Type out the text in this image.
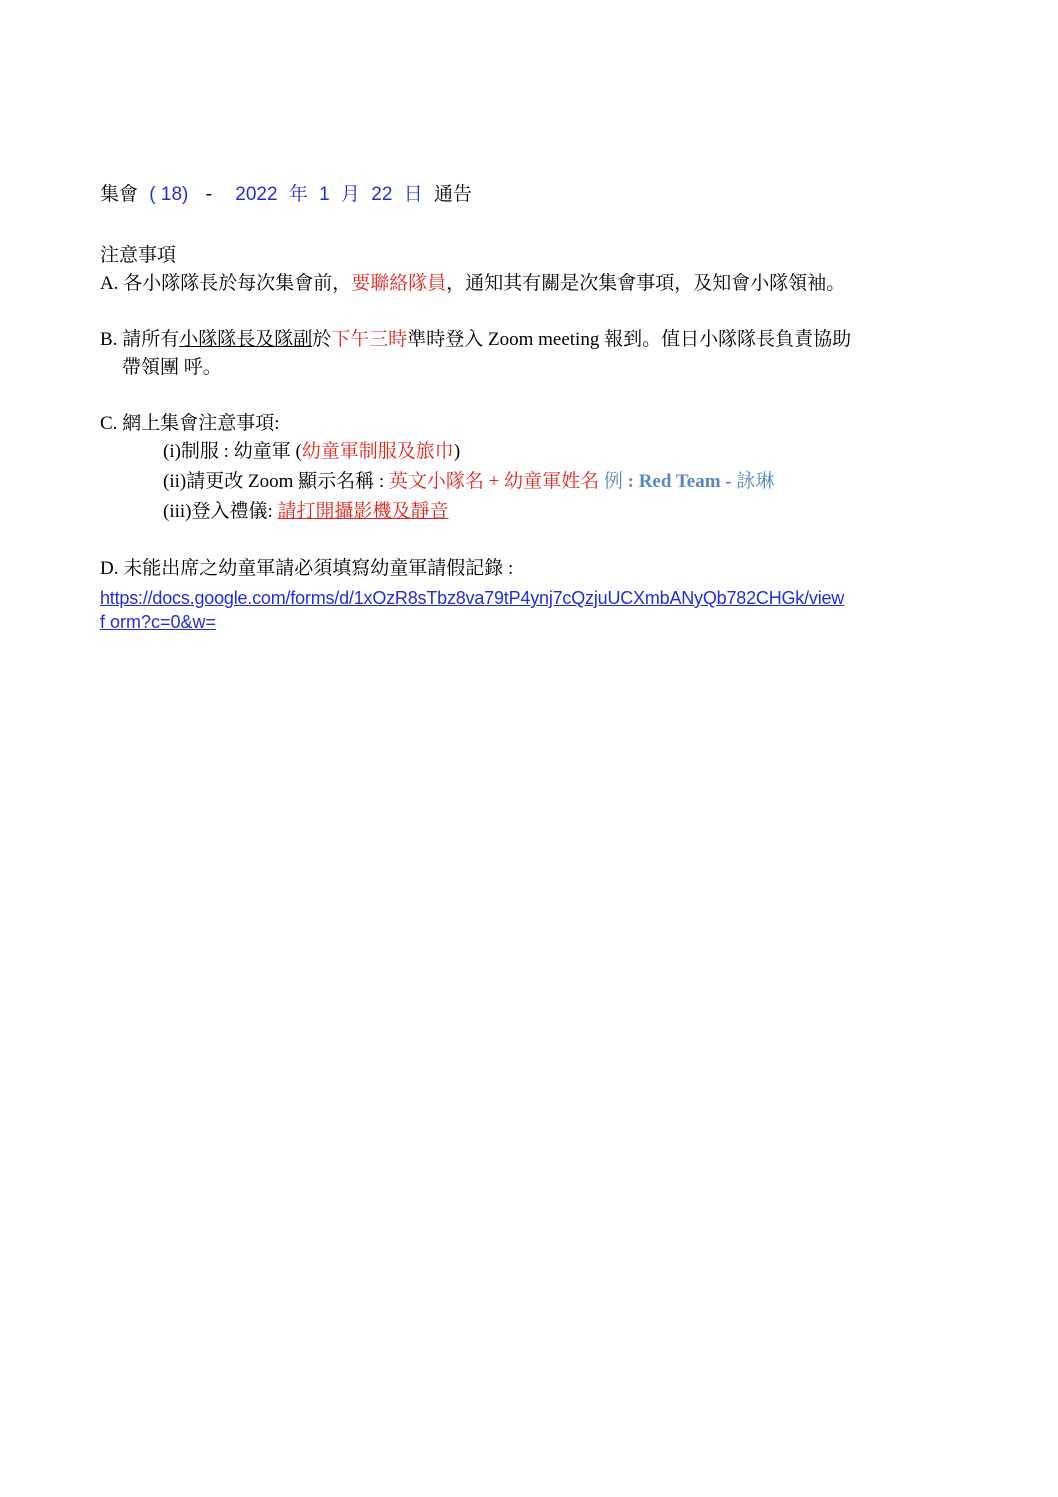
集會 ( 18) - 2022 年 1 月 22 日 通告
注意事項
A. 各小隊隊長於每次集會前，要聯絡隊員，通知其有關是次集會事項，及知會小隊領袖。
B. 請所有小隊隊長及隊副於下午三時準時登入 Zoom meeting 報到。值日小隊隊長負責協助
帶領團 呼。
C. 網上集會注意事項:
(i)制服 : 幼童軍 (幼童軍制服及旅巾)
(ii)請更改 Zoom 顯示名稱 : 英文小隊名 + 幼童軍姓名 例 : Red Team - 詠琳
(iii)登入禮儀: 請打開攝影機及靜音
D. 未能出席之幼童軍請必須填寫幼童軍請假記錄 :
https://docs.google.com/forms/d/1xOzR8sTbz8va79tP4ynj7cQzjuUCXmbANyQb782CHGk/view
f orm?c=0&w=
